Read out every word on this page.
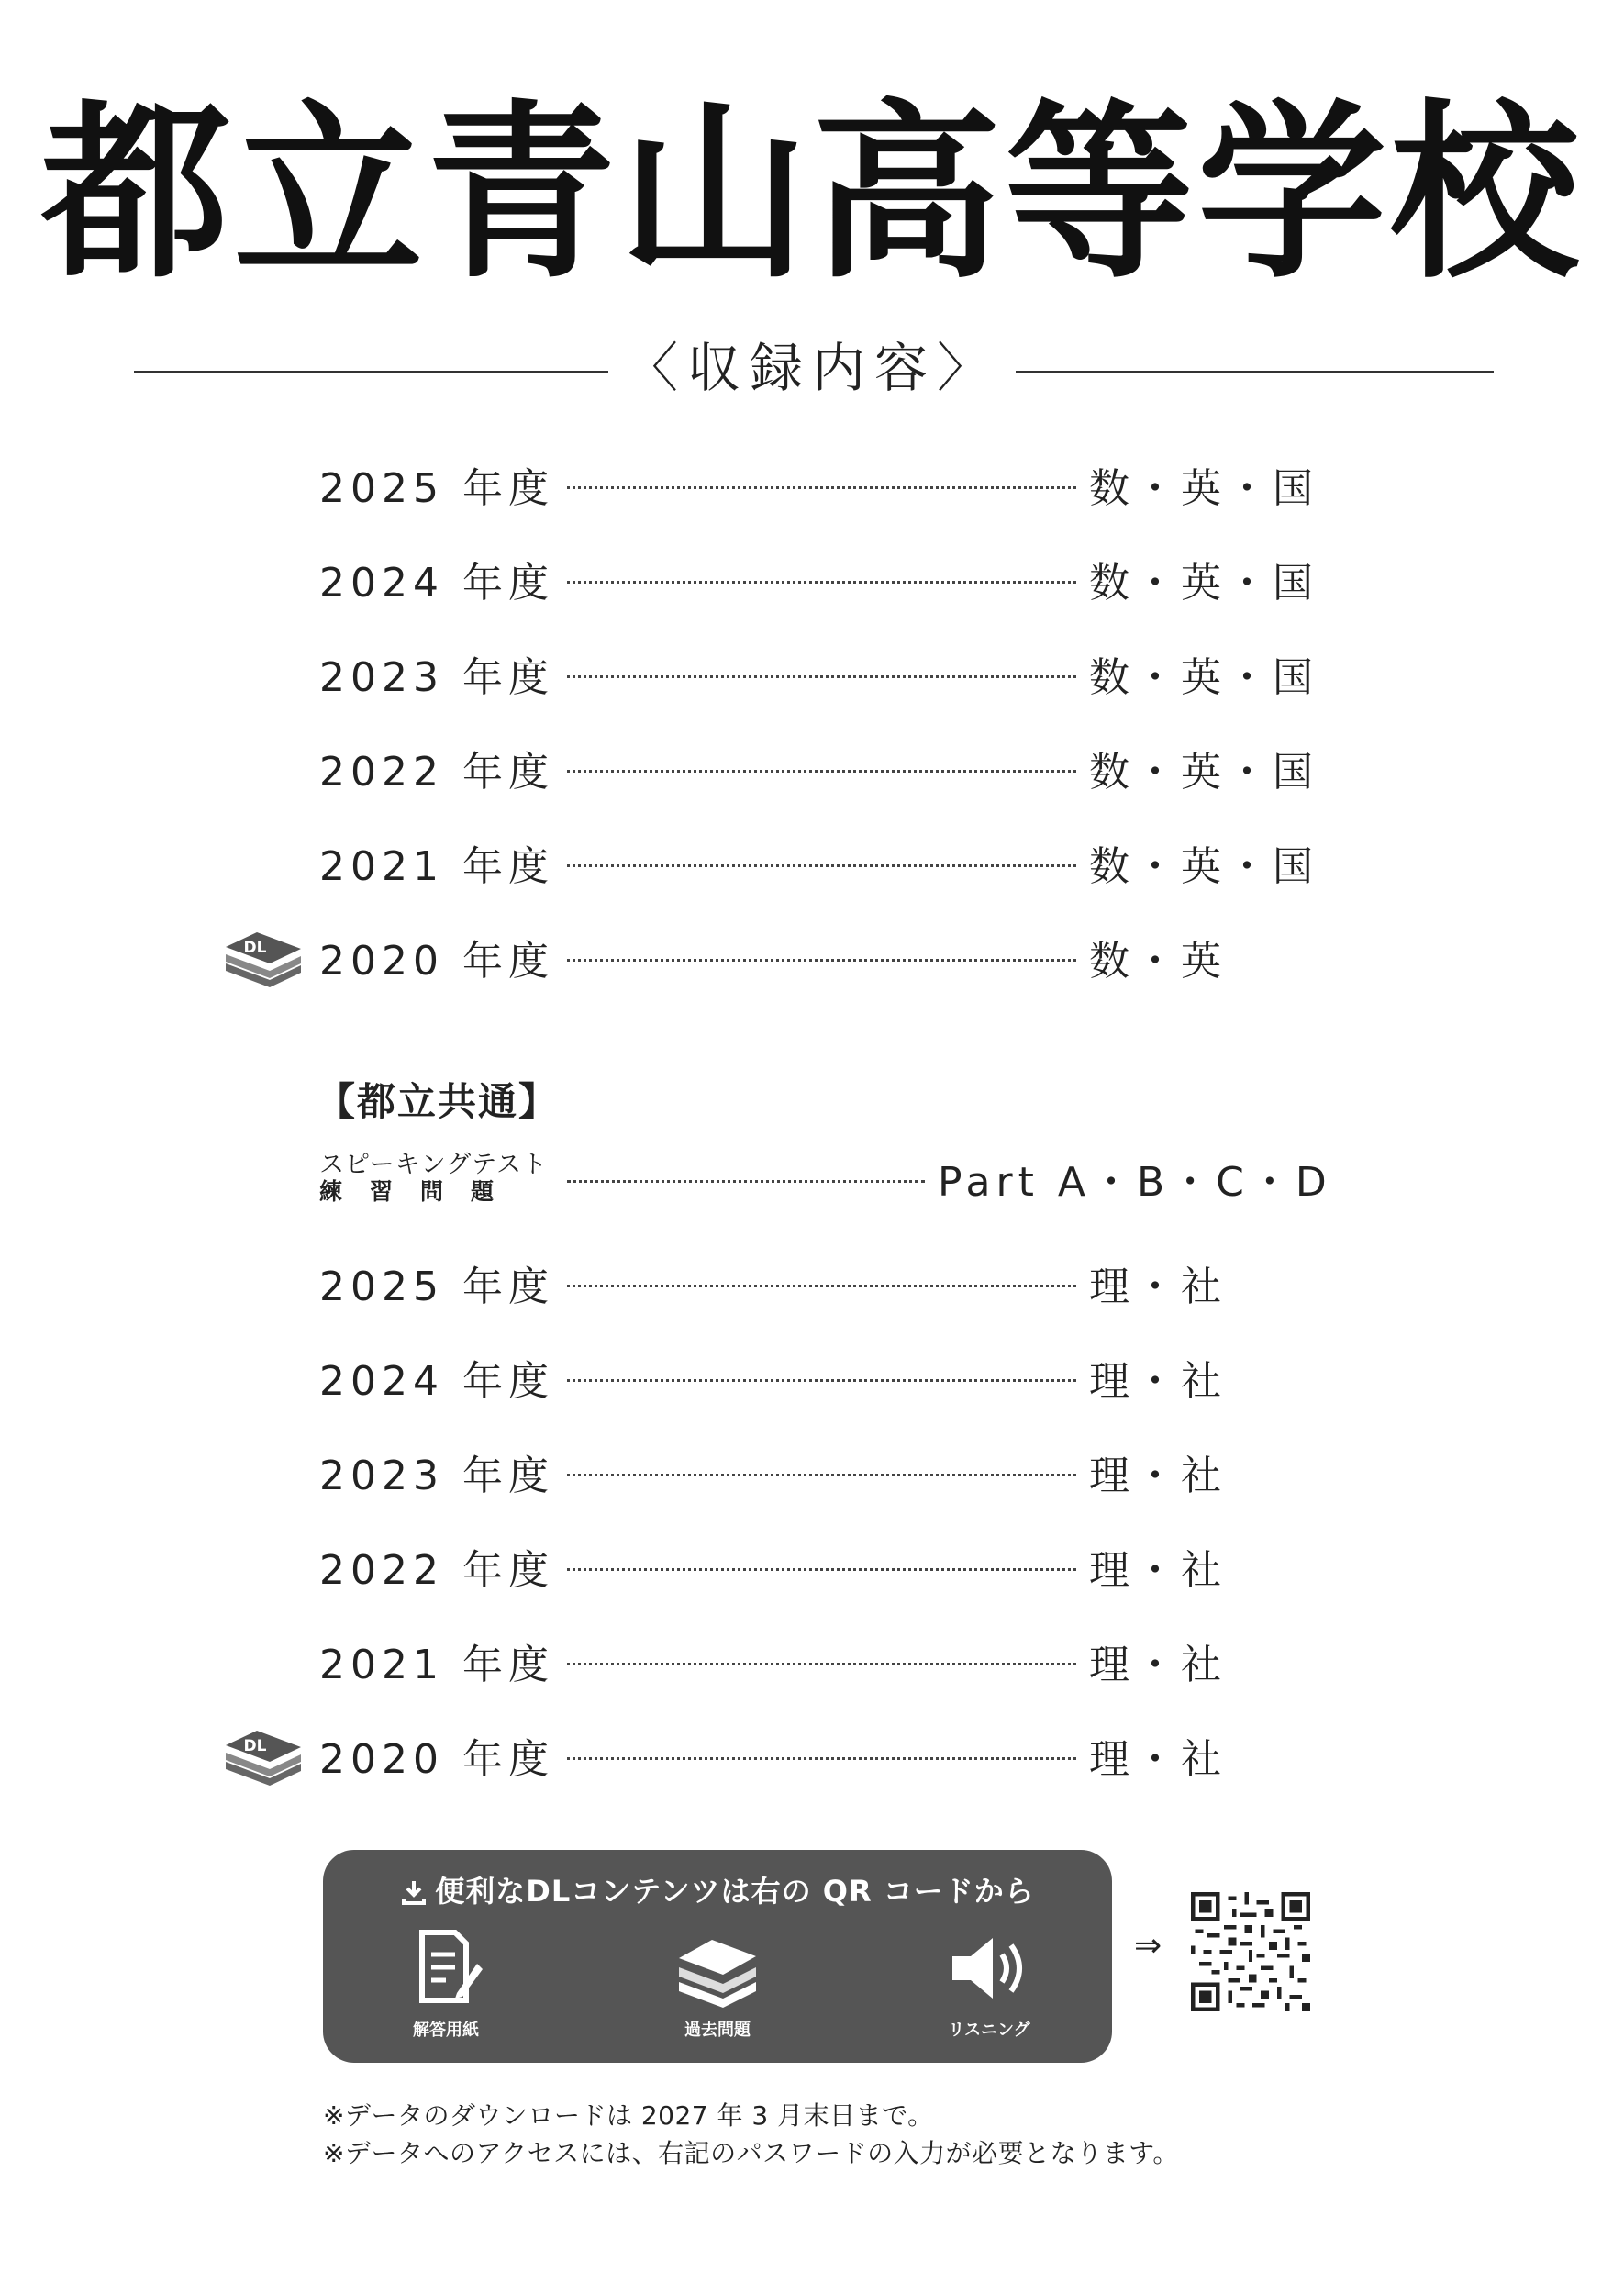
都立青山高等学校
〈収録内容〉
2025 年度	数・英・国
2024 年度	数・英・国
2023 年度	数・英・国
2022 年度	数・英・国
2021 年度	数・英・国
DL 2020 年度	数・英
【都立共通】
スピーキングテスト
練習問題	Part A・B・C・D
2025 年度	理・社
2024 年度	理・社
2023 年度	理・社
2022 年度	理・社
2021 年度	理・社
DL 2020 年度	理・社
便利なDLコンテンツは右の QR コードから
解答用紙	過去問題	リスニング
⇒
※データのダウンロードは 2027 年 3 月末日まで。
※データへのアクセスには、右記のパスワードの入力が必要となります。
